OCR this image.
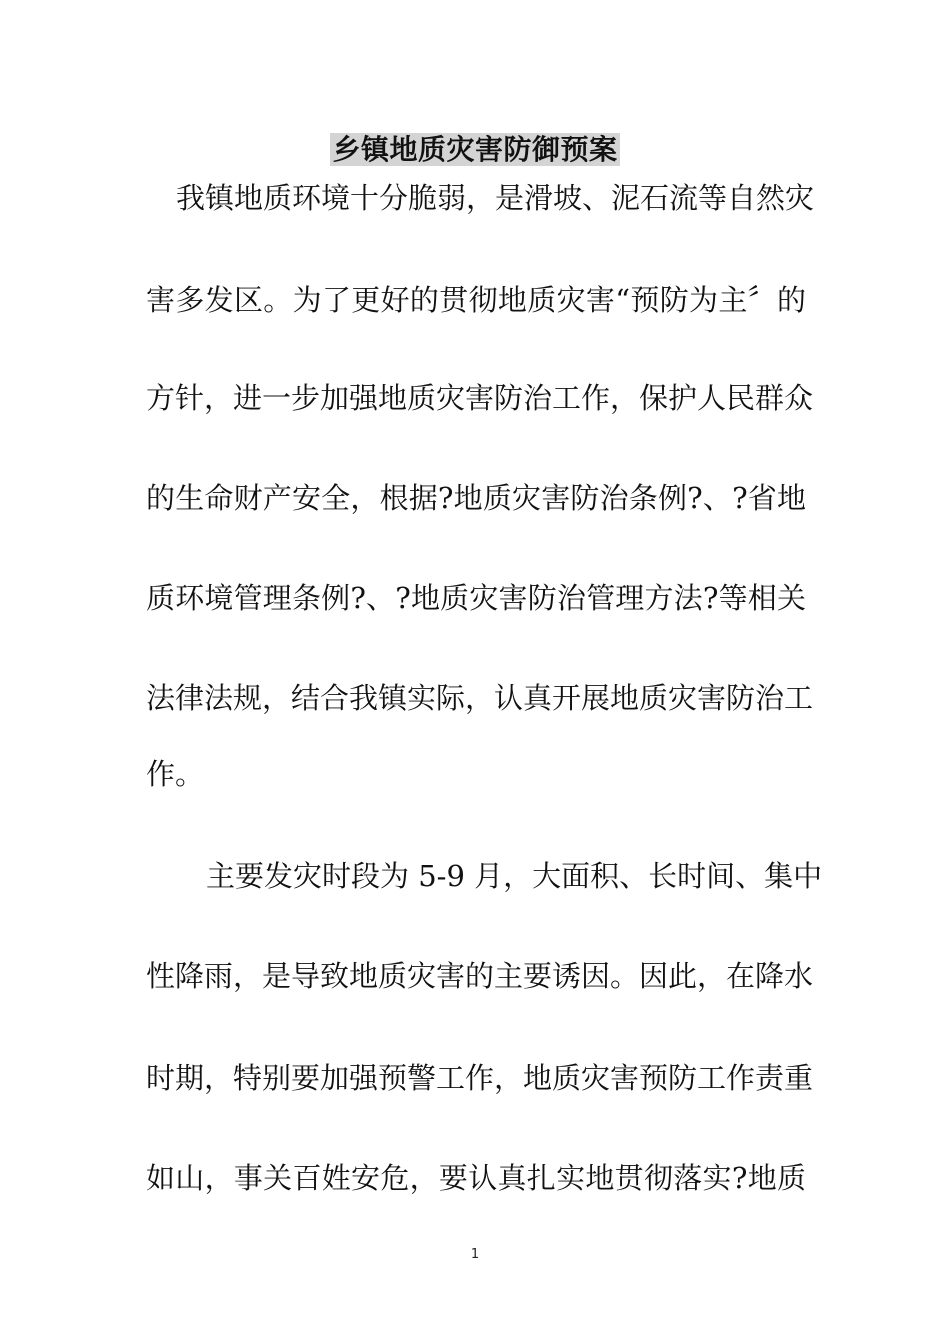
乡镇地质灾害防御预案
我镇地质环境十分脆弱，是滑坡、泥石流等自然灾
害多发区。为了更好的贯彻地质灾害“预防为主〞的
方针，进一步加强地质灾害防治工作，保护人民群众
的生命财产安全，根据?地质灾害防治条例?、?省地
质环境管理条例?、?地质灾害防治管理方法?等相关
法律法规，结合我镇实际，认真开展地质灾害防治工
作。
主要发灾时段为 5-9 月，大面积、长时间、集中
性降雨，是导致地质灾害的主要诱因。因此，在降水
时期，特别要加强预警工作，地质灾害预防工作责重
如山，事关百姓安危，要认真扎实地贯彻落实?地质
1
